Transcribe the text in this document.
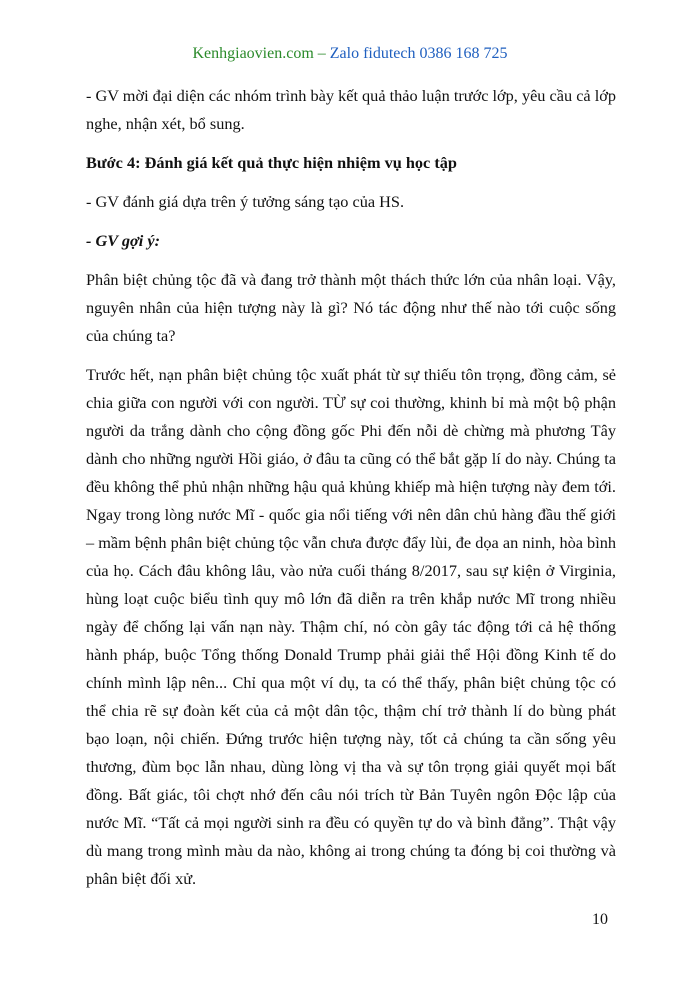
Kenhgiaovien.com – Zalo fidutech 0386 168 725

- GV mời đại diện các nhóm trình bày kết quả thảo luận trước lớp, yêu cầu cả lớp nghe, nhận xét, bổ sung.

Bước 4: Đánh giá kết quả thực hiện nhiệm vụ học tập

- GV đánh giá dựa trên ý tưởng sáng tạo của HS.

- GV gợi ý:

Phân biệt chủng tộc đã và đang trở thành một thách thức lớn của nhân loại. Vậy, nguyên nhân của hiện tượng này là gì? Nó tác động như thế nào tới cuộc sống của chúng ta?

Trước hết, nạn phân biệt chủng tộc xuất phát từ sự thiếu tôn trọng, đồng cảm, sẻ chia giữa con người với con người. TỪ sự coi thường, khinh bỉ mà một bộ phận người da trắng dành cho cộng đồng gốc Phi đến nỗi dè chừng mà phương Tây dành cho những người Hồi giáo, ở đâu ta cũng có thể bắt gặp lí do này. Chúng ta đều không thể phủ nhận những hậu quả khủng khiếp mà hiện tượng này đem tới. Ngay trong lòng nước Mĩ - quốc gia nổi tiếng với nên dân chủ hàng đầu thế giới – mầm bệnh phân biệt chủng tộc vẫn chưa được đẩy lùi, đe dọa an ninh, hòa bình của họ. Cách đâu không lâu, vào nửa cuối tháng 8/2017, sau sự kiện ở Virginia, hùng loạt cuộc biểu tình quy mô lớn đã diễn ra trên khắp nước Mĩ trong nhiều ngày để chống lại vấn nạn này. Thậm chí, nó còn gây tác động tới cả hệ thống hành pháp, buộc Tổng thống Donald Trump phải giải thể Hội đồng Kinh tế do chính mình lập nên... Chỉ qua một ví dụ, ta có thể thấy, phân biệt chủng tộc có thể chia rẽ sự đoàn kết của cả một dân tộc, thậm chí trở thành lí do bùng phát bạo loạn, nội chiến. Đứng trước hiện tượng này, tốt cả chúng ta cần sống yêu thương, đùm bọc lẫn nhau, dùng lòng vị tha và sự tôn trọng giải quyết mọi bất đồng. Bất giác, tôi chợt nhớ đến câu nói trích từ Bản Tuyên ngôn Độc lập của nước Mĩ. “Tất cả mọi người sinh ra đều có quyền tự do và bình đẳng”. Thật vậy dù mang trong mình màu da nào, không ai trong chúng ta đóng bị coi thường và phân biệt đối xử.

10
